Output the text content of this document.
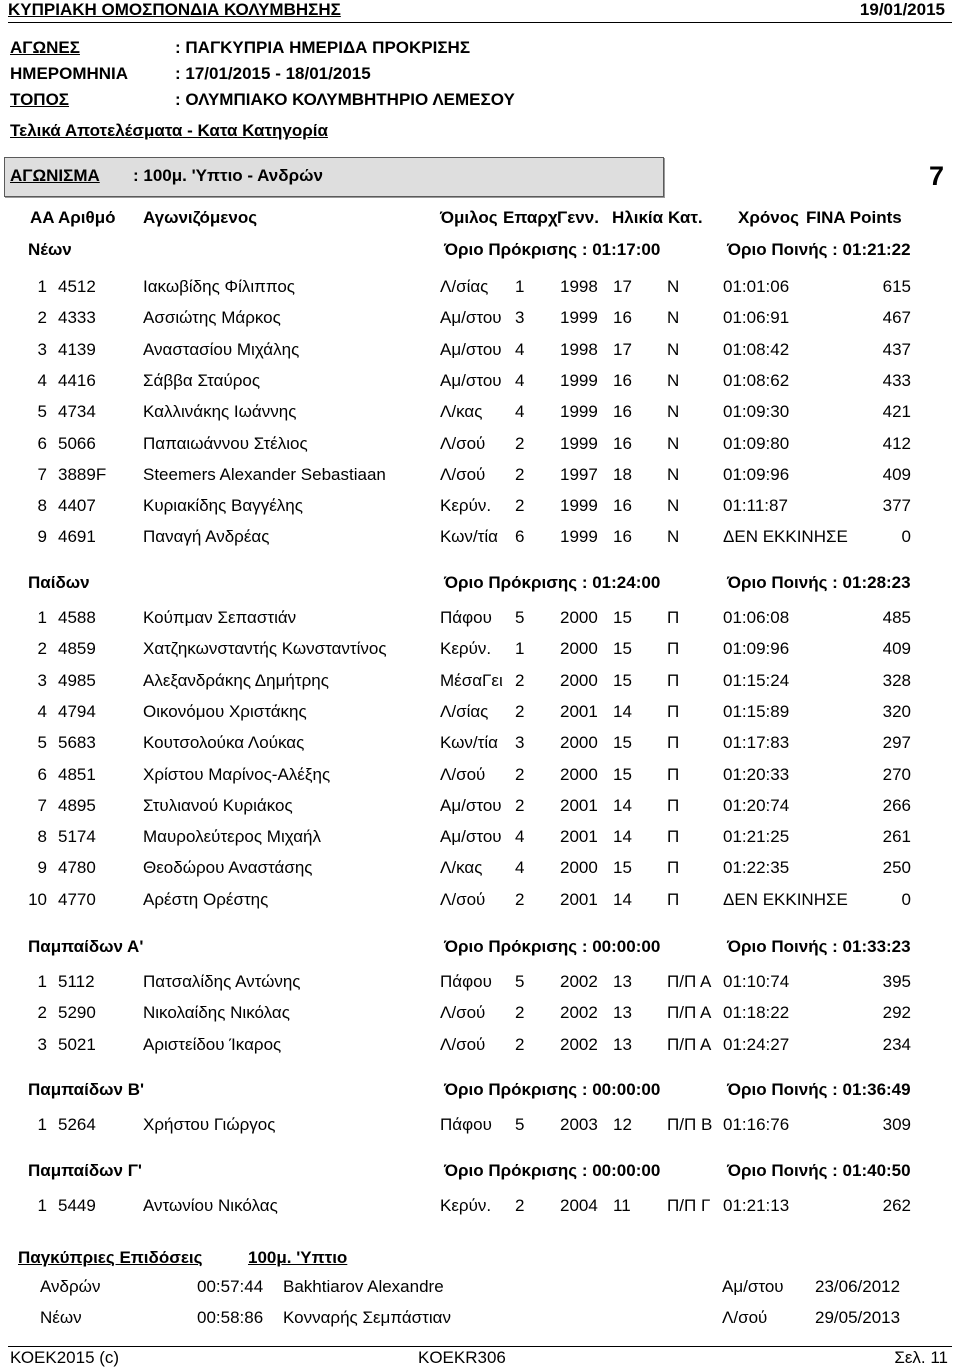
ΚΥΠΡΙΑΚΗ ΟΜΟΣΠΟΝΔΙΑ ΚΟΛΥΜΒΗΣΗΣ	19/01/2015
ΑΓΩΝΕΣ	: ΠΑΓΚΥΠΡΙΑ ΗΜΕΡΙΔΑ ΠΡΟΚΡΙΣΗΣ
ΗΜΕΡΟΜΗΝΙΑ	: 17/01/2015 - 18/01/2015
ΤΟΠΟΣ	: ΟΛΥΜΠΙΑΚΟ ΚΟΛΥΜΒΗΤΗΡΙΟ ΛΕΜΕΣΟΥ
Τελικά Αποτελέσματα - Κατα Κατηγορία
ΑΓΩΝΙΣΜΑ : 100μ. 'Υπτιο - Ανδρών	7
ΑΑ Αριθμό Αγωνιζόμενος	Όμιλος Επαρχ Γενν. Ηλικία Κατ. Χρόνος FINA Points
Νέων	Όριο Πρόκρισης : 01:17:00	Όριο Ποινής : 01:21:22
1 4512	Ιακωβίδης Φίλιππος	Λ/σίας 1 1998 17 Ν	01:01:06	615
2 4333	Ασσιώτης Μάρκος	Αμ/στου 3 1999 16 Ν	01:06:91	467
3 4139	Αναστασίου Μιχάλης	Αμ/στου 4 1998 17 Ν	01:08:42	437
4 4416	Σάββα Σταύρος	Αμ/στου 4 1999 16 Ν	01:08:62	433
5 4734	Καλλινάκης Ιωάννης	Λ/κας 4 1999 16 Ν	01:09:30	421
6 5066	Παπαιωάννου Στέλιος	Λ/σού 2 1999 16 Ν	01:09:80	412
7 3889F Steemers Alexander Sebastiaan	Λ/σού 2 1997 18 Ν	01:09:96	409
8 4407	Κυριακίδης Βαγγέλης	Κερύν. 2 1999 16 Ν	01:11:87	377
9 4691	Παναγή Ανδρέας	Κων/τία 6 1999 16 Ν	ΔΕΝ ΕΚΚΙΝΗΣΕ	0
Παίδων	Όριο Πρόκρισης : 01:24:00	Όριο Ποινής : 01:28:23
1 4588	Κούπμαν Σεπαστιάν	Πάφου 5 2000 15 Π	01:06:08	485
2 4859	Χατζηκωνσταντής Κωνσταντίνος	Κερύν. 1 2000 15 Π	01:09:96	409
3 4985	Αλεξανδράκης Δημήτρης	ΜέσαΓει 2 2000 15 Π	01:15:24	328
4 4794	Οικονόμου Χριστάκης	Λ/σίας 2 2001 14 Π	01:15:89	320
5 5683	Κουτσολούκα Λούκας	Κων/τία 3 2000 15 Π	01:17:83	297
6 4851	Χρίστου Μαρίνος-Αλέξης	Λ/σού 2 2000 15 Π	01:20:33	270
7 4895	Στυλιανού Κυριάκος	Αμ/στου 2 2001 14 Π	01:20:74	266
8 5174	Μαυρολεύτερος Μιχαήλ	Αμ/στου 4 2001 14 Π	01:21:25	261
9 4780	Θεοδώρου Αναστάσης	Λ/κας 4 2000 15 Π	01:22:35	250
10 4770	Αρέστη Ορέστης	Λ/σού 2 2001 14 Π	ΔΕΝ ΕΚΚΙΝΗΣΕ	0
Παμπαίδων Α'	Όριο Πρόκρισης : 00:00:00	Όριο Ποινής : 01:33:23
1 5112	Πατσαλίδης Αντώνης	Πάφου 5 2002 13 Π/Π Α 01:10:74	395
2 5290	Νικολαίδης Νικόλας	Λ/σού 2 2002 13 Π/Π Α 01:18:22	292
3 5021	Αριστείδου Ίκαρος	Λ/σού 2 2002 13 Π/Π Α 01:24:27	234
Παμπαίδων Β'	Όριο Πρόκρισης : 00:00:00	Όριο Ποινής : 01:36:49
1 5264	Χρήστου Γιώργος	Πάφου 5 2003 12 Π/Π Β 01:16:76	309
Παμπαίδων Γ'	Όριο Πρόκρισης : 00:00:00	Όριο Ποινής : 01:40:50
1 5449	Αντωνίου Νικόλας	Κερύν. 2 2004 11 Π/Π Γ 01:21:13	262
Παγκύπριες Επιδόσεις	100μ. 'Υπτιο
Ανδρών	00:57:44 Bakhtiarov Alexandre	Αμ/στου 23/06/2012
Νέων	00:58:86 Κονναρής Σεμπάστιαν	Λ/σού	29/05/2013
ΚΟΕΚ2015 (c)	KOEKR306	Σελ. 11
